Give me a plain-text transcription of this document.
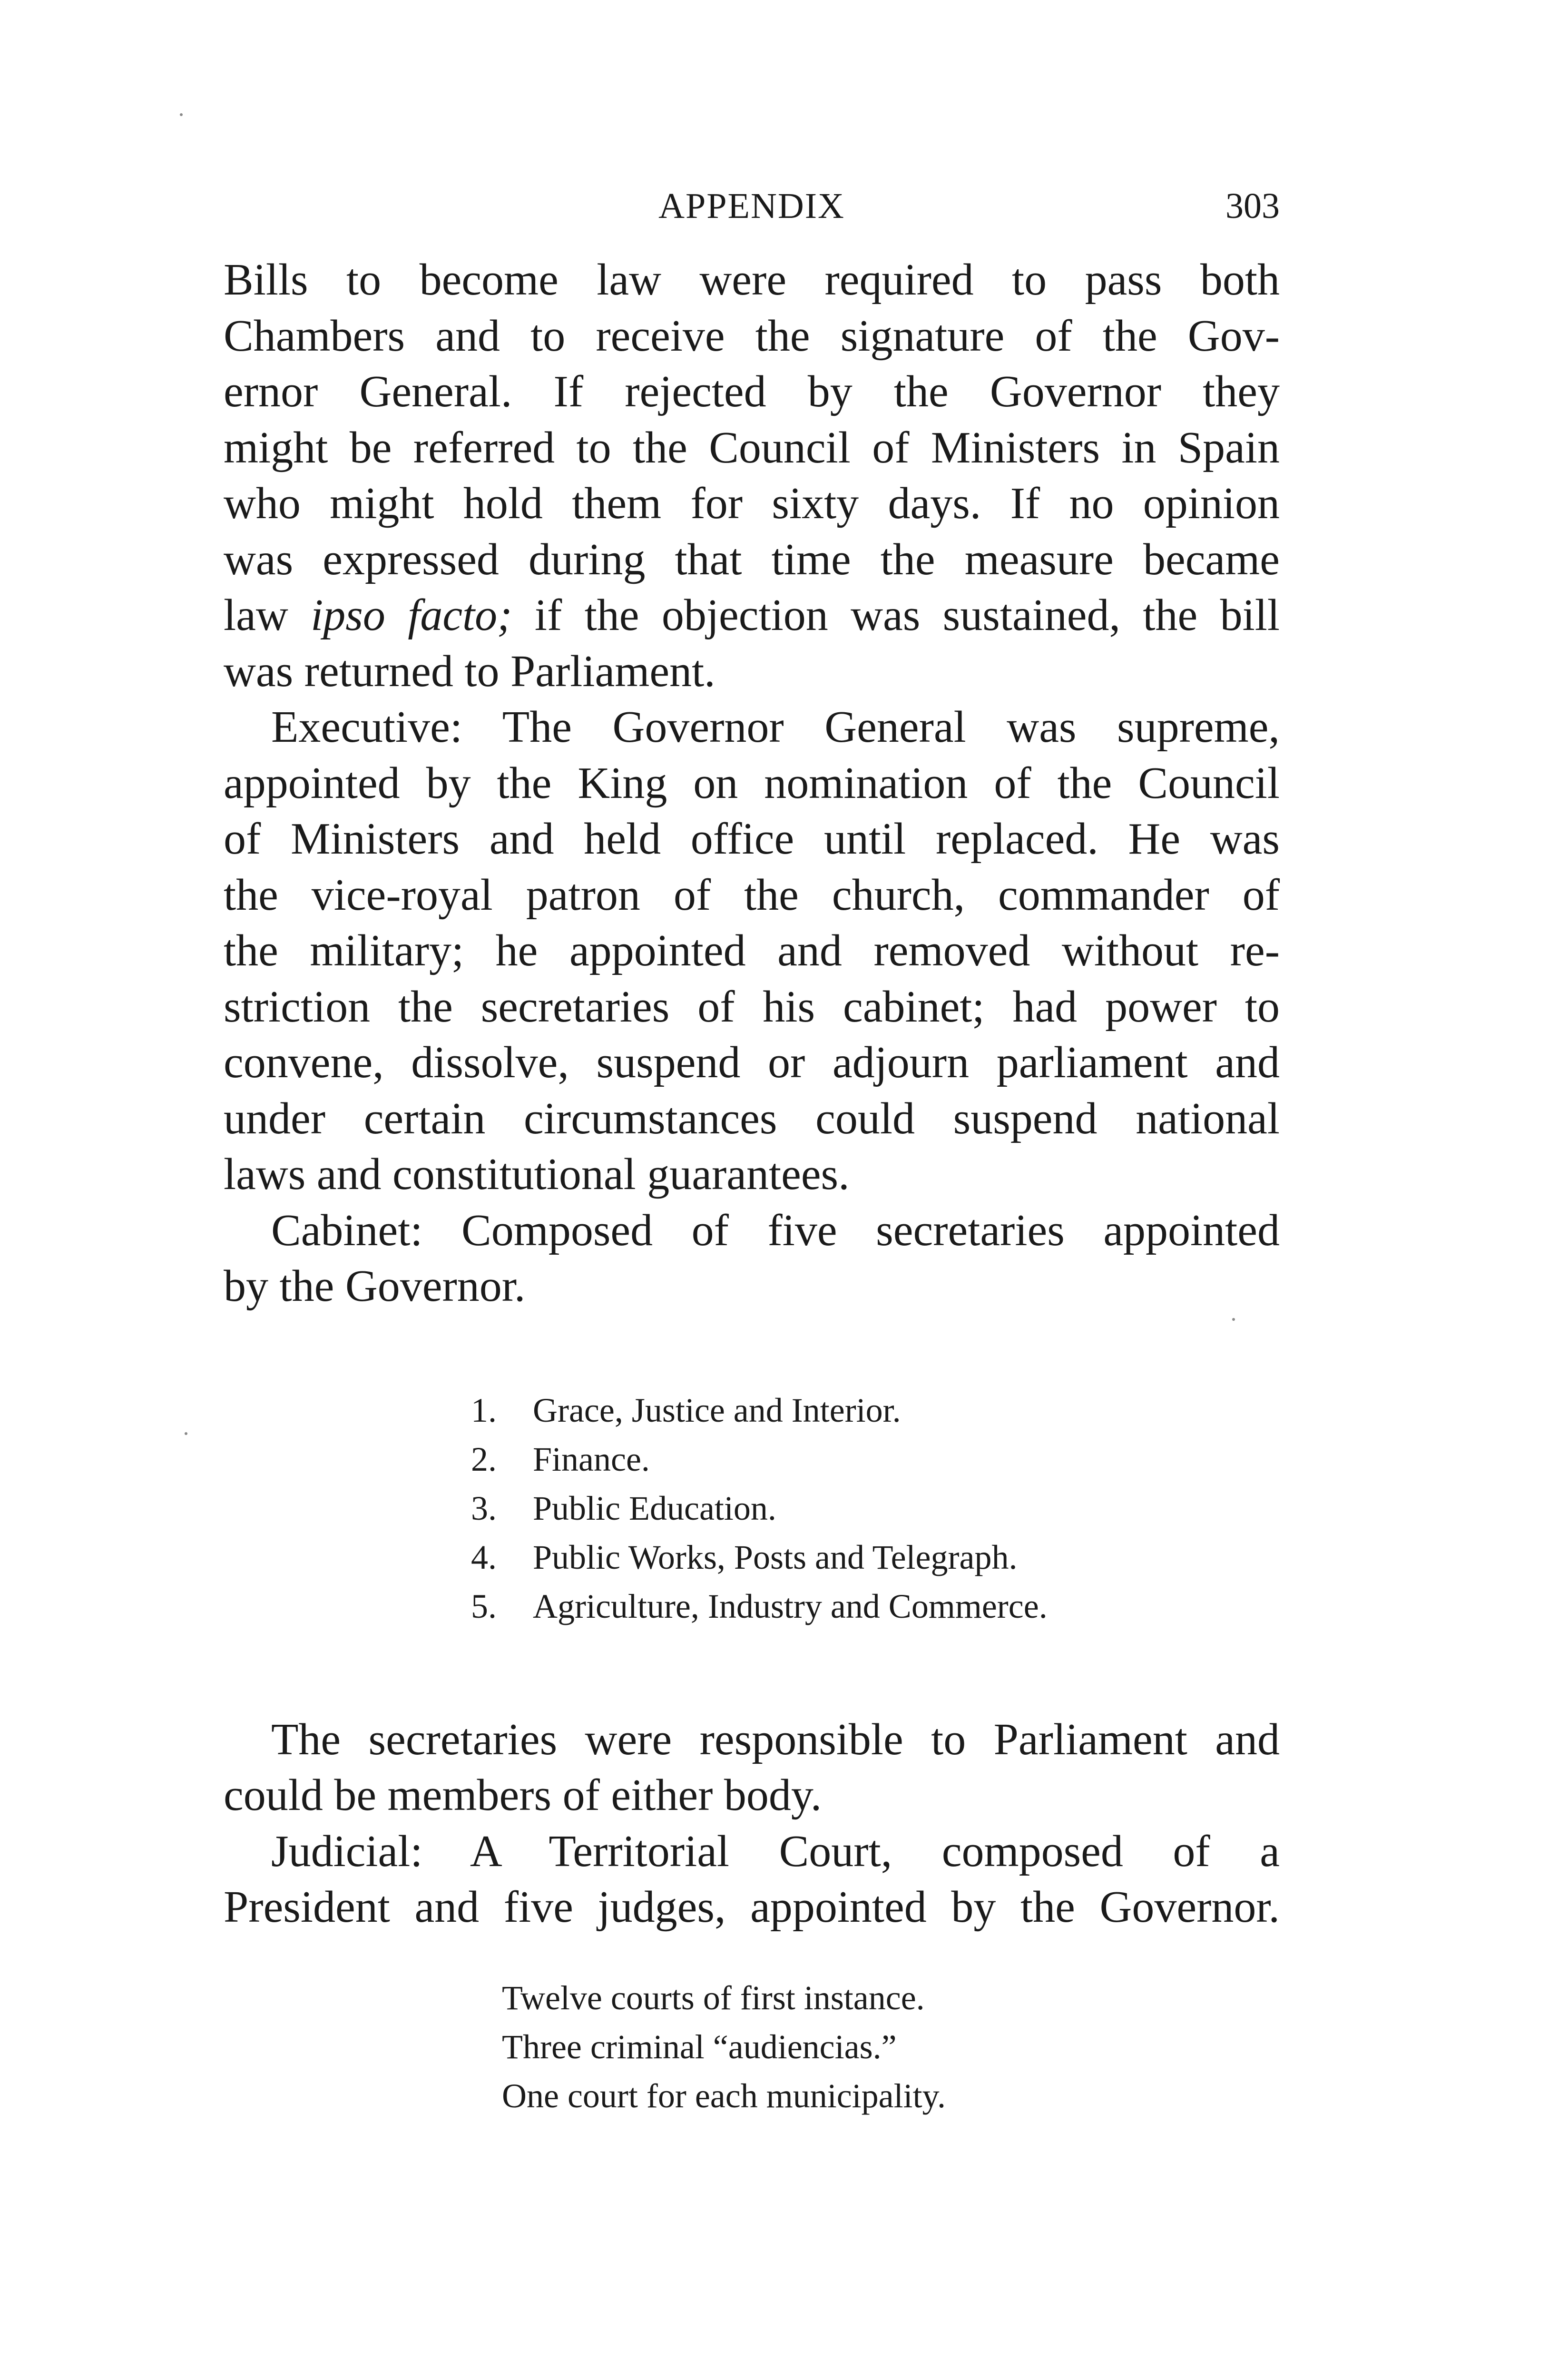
APPENDIX	303

Bills to become law were required to pass both

Chambers and to receive the signature of the Gov-

ernor General. If rejected by the Governor they

might be referred to the Council of Ministers in Spain

who might hold them for sixty days. If no opinion

was expressed during that time the measure became

law ipso facto; if the objection was sustained, the bill

was returned to Parliament.

Executive: The Governor General was supreme,

appointed by the King on nomination of the Council

of Ministers and held office until replaced. He was

the vice-royal patron of the church, commander of

the military; he appointed and removed without re-

striction the secretaries of his cabinet; had power to

convene, dissolve, suspend or adjourn parliament and

under certain circumstances could suspend national

laws and constitutional guarantees.

Cabinet: Composed of five secretaries appointed

by the Governor.

1. Grace, Justice and Interior.
2. Finance.
3. Public Education.
4. Public Works, Posts and Telegraph.
5. Agriculture, Industry and Commerce.

The secretaries were responsible to Parliament and

could be members of either body.

Judicial: A Territorial Court, composed of a

President and five judges, appointed by the Governor.

Twelve courts of first instance.
Three criminal “audiencias.”
One court for each municipality.
